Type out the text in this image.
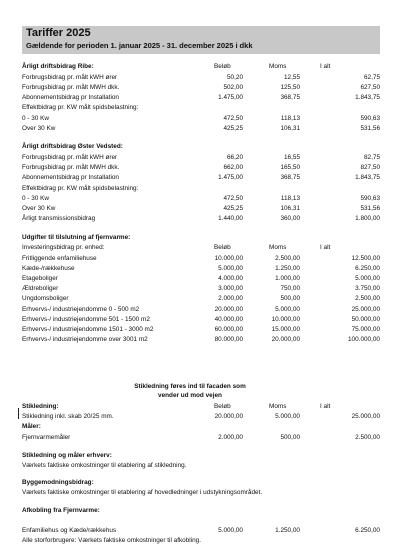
Tariffer 2025
Gældende for perioden 1. januar 2025 - 31. december 2025 i dkk
Årligt driftsbidrag Ribe:	Beløb	Moms	I alt
Forbrugsbidrag pr. målt kWH ører	50,20	12,55	62,75
Forbrugsbidrag pr. målt MWH dkk.	502,00	125,50	627,50
Abonnementsbidrag pr Installation	1.475,00	368,75	1.843,75
Effektbidrag pr. KW målt spidsbelastning:
0 - 30 Kw	472,50	118,13	590,63
Over 30 Kw	425,25	106,31	531,56
Årligt driftsbidrag Øster Vedsted:
Forbrugsbidrag pr. målt kWH ører	66,20	16,55	82,75
Forbrugsbidrag pr. målt MWH dkk.	662,00	165,50	827,50
Abonnementsbidrag pr Installation	1.475,00	368,75	1.843,75
Effektbidrag pr. KW målt spidsbelastning:
0 - 30 Kw	472,50	118,13	590,63
Over 30 Kw	425,25	106,31	531,56
Årligt transmissionsbidrag	1.440,00	360,00	1.800,00
Udgifter til tilslutning af fjernvarme:
Investeringsbidrag pr. enhed:	Beløb	Moms	I alt
Fritliggende enfamiliehuse	10.000,00	2.500,00	12.500,00
Kæde-/rækkehuse	5.000,00	1.250,00	6.250,00
Etageboliger	4.000,00	1.000,00	5.000,00
Ældreboliger	3.000,00	750,00	3.750,00
Ungdomsboliger	2.000,00	500,00	2.500,00
Erhvervs-/ industriejendomme 0 - 500 m2	20.000,00	5.000,00	25.000,00
Erhvervs-/ industriejendomme 501 - 1500 m2	40.000,00	10.000,00	50.000,00
Erhvervs-/ industriejendomme 1501 - 3000 m2	60.000,00	15.000,00	75.000,00
Erhvervs-/ industriejendomme over 3001 m2	80.000,00	20.000,00	100.000,00
Stikledning føres ind til facaden som vender ud mod vejen
Stikledning:	Beløb	Moms	I alt
Stikledning inkl. skab 20/25 mm.	20.000,00	5.000,00	25.000,00
Måler:
Fjernvarmemåler	2.000,00	500,00	2.500,00
Stikledning og måler erhverv:
Værkets faktiske omkostninger til etablering af stikledning.
Byggemodningsbidrag:
Værkets faktiske omkostninger til etablering af hovedledninger i udstykningsområdet.
Afkobling fra Fjernvarme:
Enfamiliehus og Kæde/rækkehus	5.000,00	1.250,00	6.250,00
Alle storforbrugere: Værkets faktiske omkostninger til afkobling.
